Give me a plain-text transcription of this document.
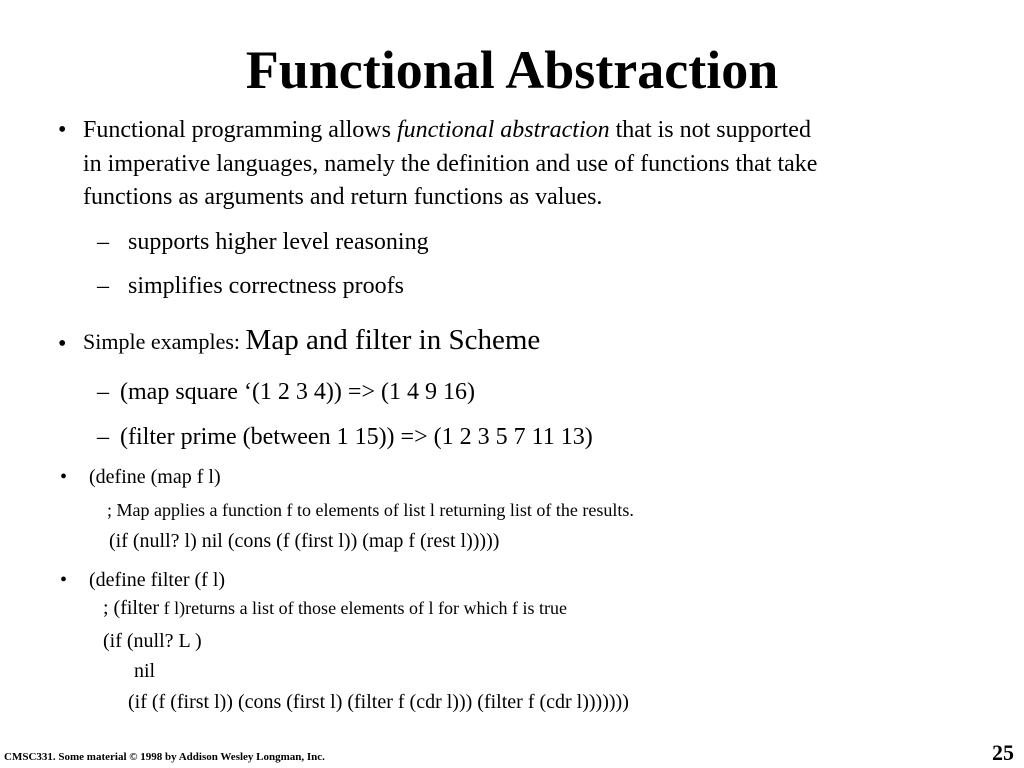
Functional Abstraction
• Functional programming allows functional abstraction that is not supported
in imperative languages, namely the definition and use of functions that take
functions as arguments and return functions as values.
– supports higher level reasoning
– simplifies correctness proofs
• Simple examples: Map and filter in Scheme
– (map square ‘(1 2 3 4)) => (1 4 9 16)
– (filter prime (between 1 15)) => (1 2 3 5 7 11 13)
• (define (map f l)
; Map applies a function f to elements of list l returning list of the results.
(if (null? l) nil (cons (f (first l)) (map f (rest l)))))
• (define filter (f l)
; (filter f l)returns a list of those elements of l for which f is true
(if (null? L )
nil
(if (f (first l)) (cons (first l) (filter f (cdr l))) (filter f (cdr l)))))))
CMSC331. Some material © 1998 by Addison Wesley Longman, Inc.	25
